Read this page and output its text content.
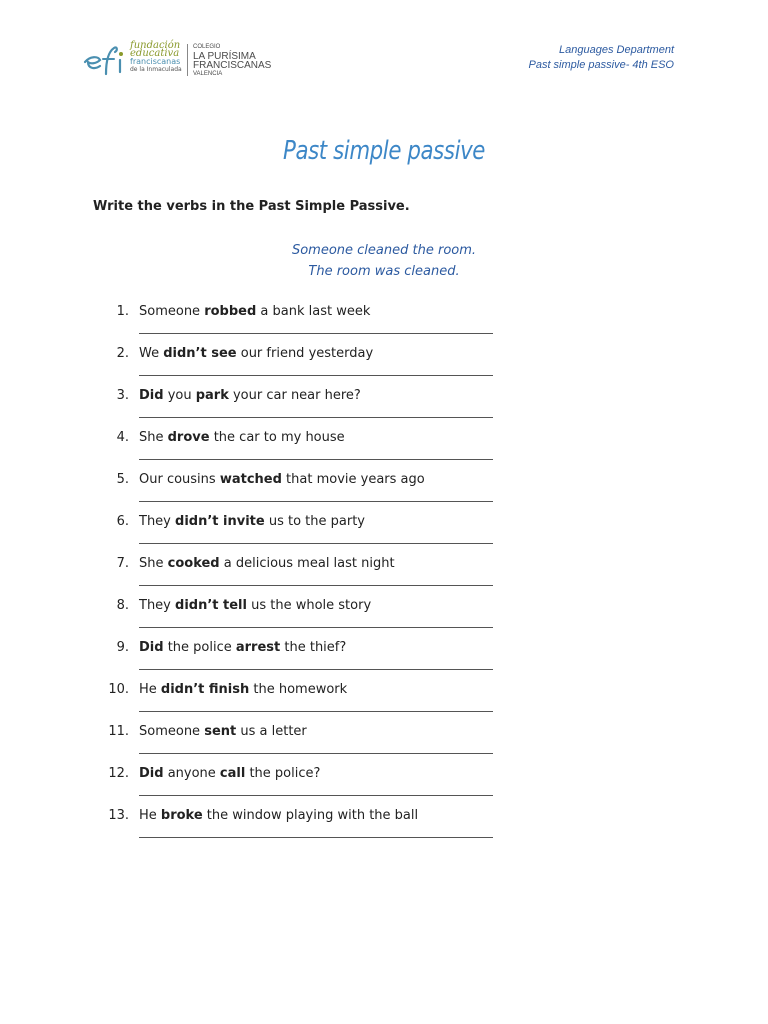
fundación
educativa
franciscanas
de la Inmaculada
COLEGIO
LA PURÍSIMA
FRANCISCANAS
VALENCIA
Languages Department
Past simple passive- 4th ESO
Past simple passive
Write the verbs in the Past Simple Passive.
Someone cleaned the room.
The room was cleaned.
1. Someone robbed a bank last week
2. We didn’t see our friend yesterday
3. Did you park your car near here?
4. She drove the car to my house
5. Our cousins watched that movie years ago
6. They didn’t invite us to the party
7. She cooked a delicious meal last night
8. They didn’t tell us the whole story
9. Did the police arrest the thief?
10. He didn’t finish the homework
11. Someone sent us a letter
12. Did anyone call the police?
13. He broke the window playing with the ball
